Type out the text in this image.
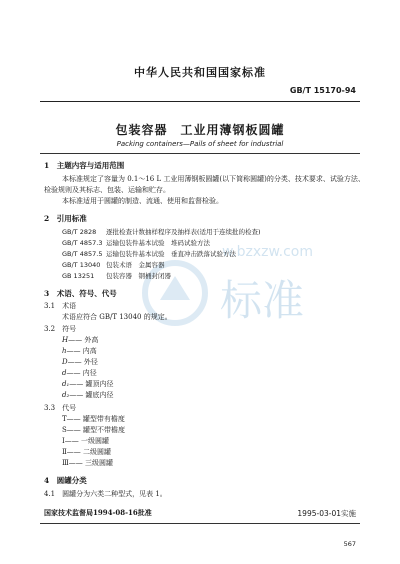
中华人民共和国国家标准
GB/T 15170-94
包装容器　工业用薄钢板圆罐
Packing containers—Pails of sheet for industrial
w.bzxzw.com
标准
1　主题内容与适用范围
本标准规定了容量为 0.1～16 L 工业用薄钢板圆罐(以下简称圆罐)的分类、技术要求、试验方法、
检验规则及其标志、包装、运输和贮存。
本标准适用于圆罐的制造、流通、使用和监督检验。
2　引用标准
GB/T 2828 逐批检查计数抽样程序及抽样表(适用于连续批的检查)
GB/T 4857.3 运输包装件基本试验　堆码试验方法
GB/T 4857.5 运输包装件基本试验　垂直冲击跌落试验方法
GB/T 13040 包装术语　金属容器
GB 13251 包装容器　钢桶封闭器
3　术语、符号、代号
3.1　术语
术语应符合 GB/T 13040 的规定。
3.2　符号
H—— 外高
h—— 内高
D—— 外径
d—— 内径
d₁—— 罐顶内径
d₂—— 罐底内径
3.3　代号
T—— 罐型带有檐度
S—— 罐型不带檐度
Ⅰ—— 一级圆罐
Ⅱ—— 二级圆罐
Ⅲ—— 三级圆罐
4　圆罐分类
4.1　圆罐分为六类二种型式，见表 1。
国家技术监督局1994-08-16批准	1995-03-01实施
567
